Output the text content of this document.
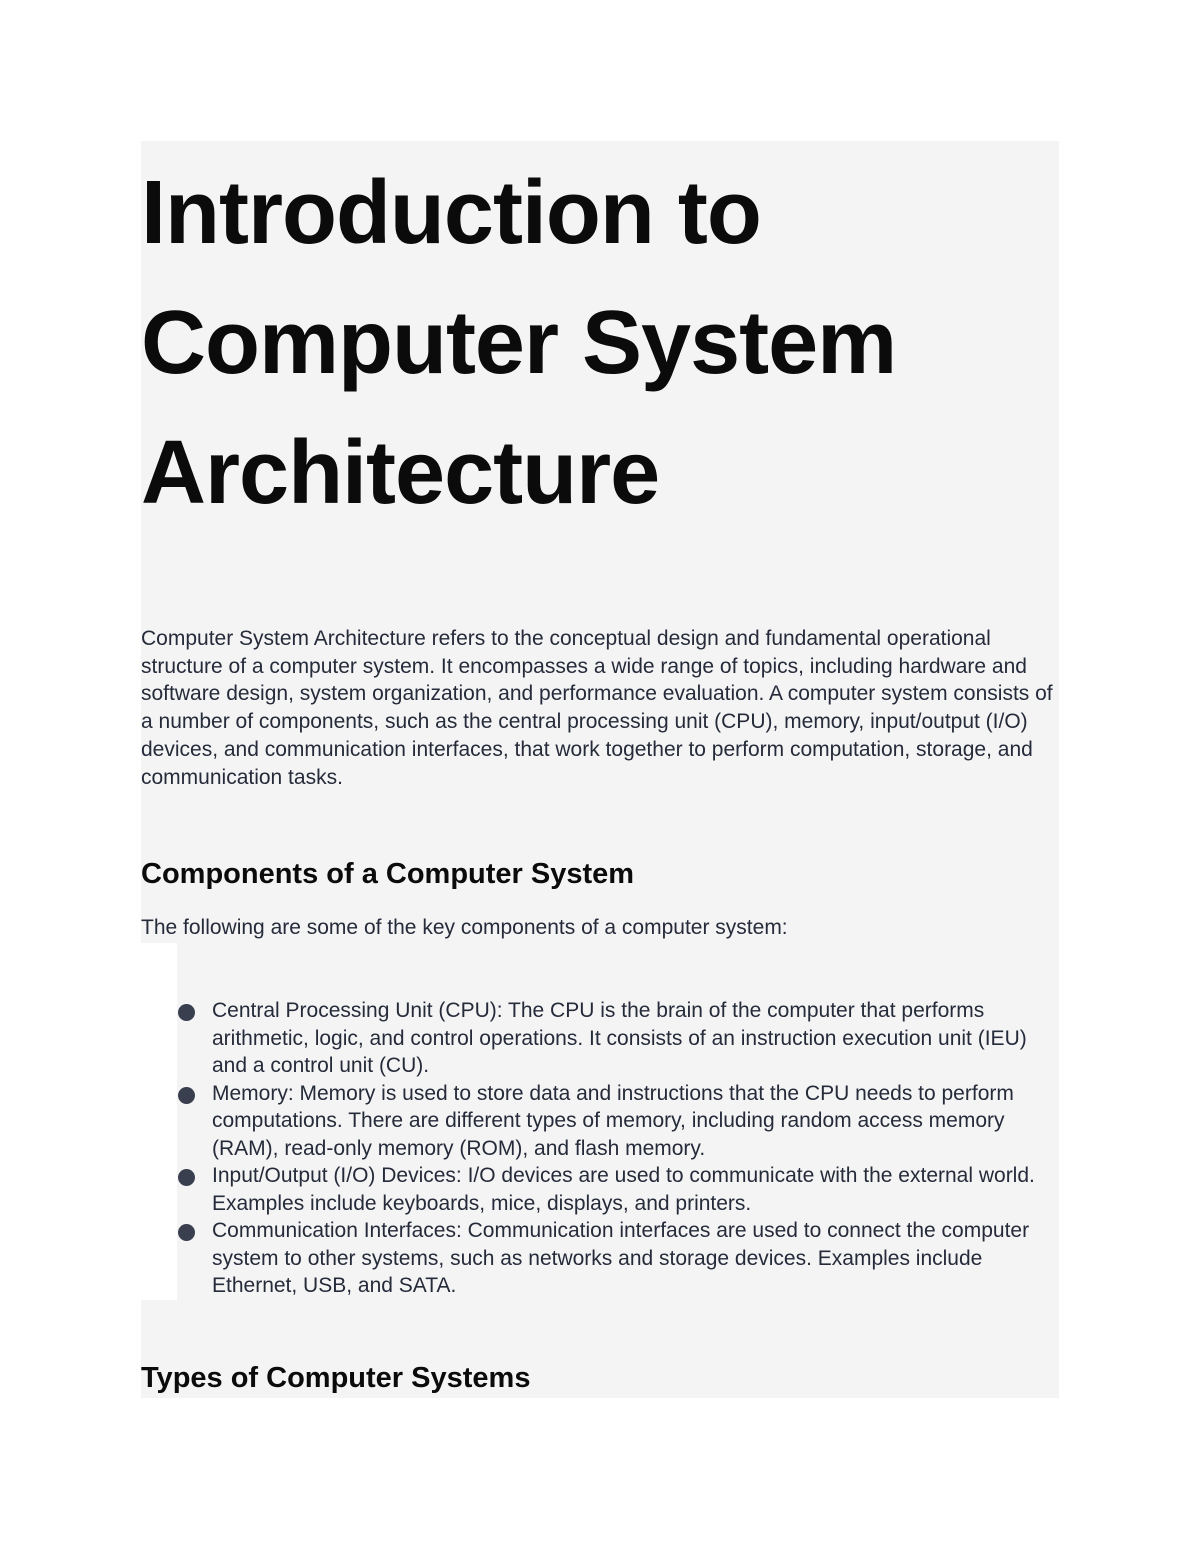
Introduction to Computer System Architecture

Computer System Architecture refers to the conceptual design and fundamental operational structure of a computer system. It encompasses a wide range of topics, including hardware and software design, system organization, and performance evaluation. A computer system consists of a number of components, such as the central processing unit (CPU), memory, input/output (I/O) devices, and communication interfaces, that work together to perform computation, storage, and communication tasks.

Components of a Computer System

The following are some of the key components of a computer system:

Central Processing Unit (CPU): The CPU is the brain of the computer that performs arithmetic, logic, and control operations. It consists of an instruction execution unit (IEU) and a control unit (CU).
Memory: Memory is used to store data and instructions that the CPU needs to perform computations. There are different types of memory, including random access memory (RAM), read-only memory (ROM), and flash memory.
Input/Output (I/O) Devices: I/O devices are used to communicate with the external world. Examples include keyboards, mice, displays, and printers.
Communication Interfaces: Communication interfaces are used to connect the computer system to other systems, such as networks and storage devices. Examples include Ethernet, USB, and SATA.
Types of Computer Systems
